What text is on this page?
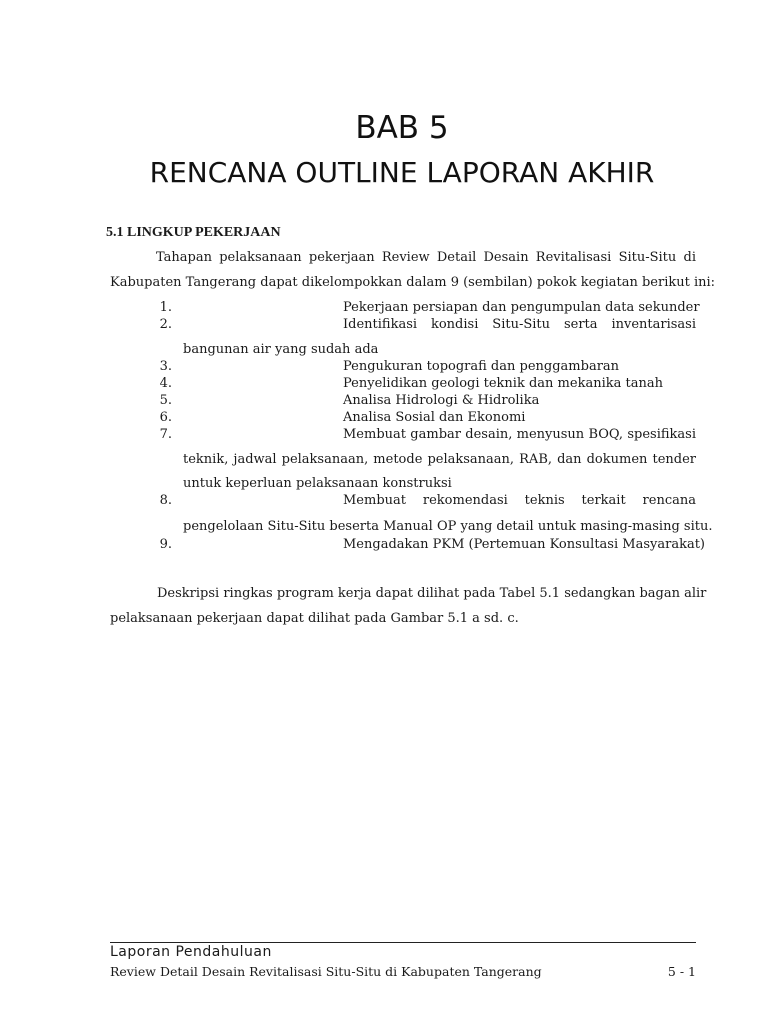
BAB 5
RENCANA OUTLINE LAPORAN AKHIR
5.1 LINGKUP PEKERJAAN
Tahapan pelaksanaan pekerjaan Review Detail Desain Revitalisasi Situ-Situ di
Kabupaten Tangerang dapat dikelompokkan dalam 9 (sembilan) pokok kegiatan berikut ini:
1.	Pekerjaan persiapan dan pengumpulan data sekunder
2.	Identifikasi kondisi Situ-Situ serta inventarisasi
bangunan air yang sudah ada
3.	Pengukuran topografi dan penggambaran
4.	Penyelidikan geologi teknik dan mekanika tanah
5.	Analisa Hidrologi & Hidrolika
6.	Analisa Sosial dan Ekonomi
7.	Membuat gambar desain, menyusun BOQ, spesifikasi
teknik, jadwal pelaksanaan, metode pelaksanaan, RAB, dan dokumen tender
untuk keperluan pelaksanaan konstruksi
8.	Membuat rekomendasi teknis terkait rencana
pengelolaan Situ-Situ beserta Manual OP yang detail untuk masing-masing situ.
9.	Mengadakan PKM (Pertemuan Konsultasi Masyarakat)
Deskripsi ringkas program kerja dapat dilihat pada Tabel 5.1 sedangkan bagan alir
pelaksanaan pekerjaan dapat dilihat pada Gambar 5.1 a sd. c.
Laporan Pendahuluan
Review Detail Desain Revitalisasi Situ-Situ di Kabupaten Tangerang	5 - 1
